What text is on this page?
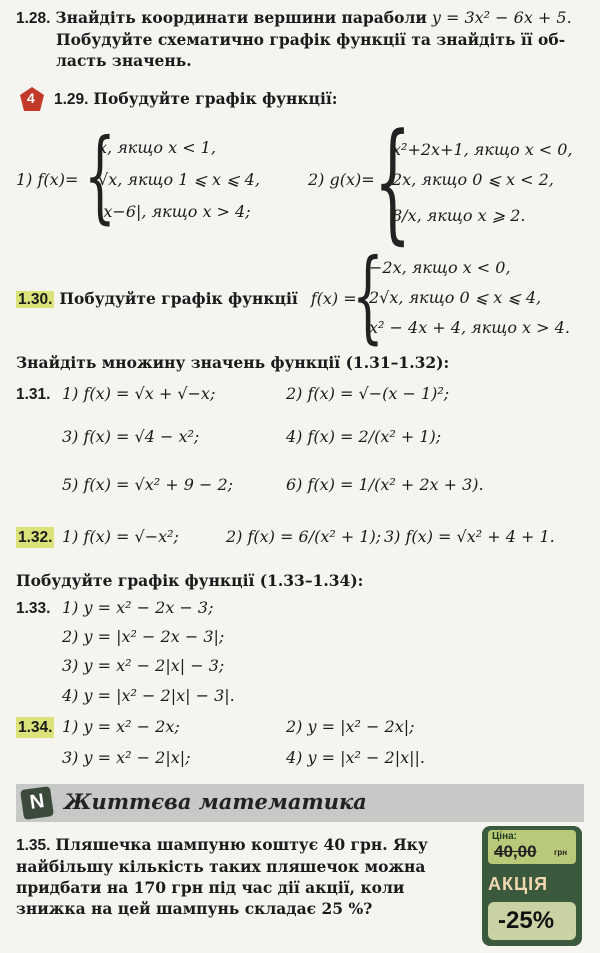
1.28. Знайдіть координати вершини параболи y = 3x² − 6x + 5.
Побудуйте схематично графік функції та знайдіть її об-
ласть значень.
4 1.29. Побудуйте графік функції:
1) f(x)= {
x, якщо x < 1,
√x, якщо 1 ⩽ x ⩽ 4,
|x−6|, якщо x > 4;
2) g(x)= {
x²+2x+1, якщо x < 0,
2x, якщо 0 ⩽ x < 2,
8/x, якщо x ⩾ 2.
1.30. Побудуйте графік функції f(x) =
{
−2x, якщо x < 0,
2√x, якщо 0 ⩽ x ⩽ 4,
x² − 4x + 4, якщо x > 4.
Знайдіть множину значень функції (1.31–1.32):
1.31. 1) f(x) = √x + √−x;	2) f(x) = √−(x − 1)²;
3) f(x) = √4 − x²;	4) f(x) = 2/(x² + 1);
5) f(x) = √x² + 9 − 2;	6) f(x) = 1/(x² + 2x + 3).
1.32. 1) f(x) = √−x²;	2) f(x) = 6/(x² + 1); 3) f(x) = √x² + 4 + 1.
Побудуйте графік функції (1.33–1.34):
1.33. 1) y = x² − 2x − 3;
2) y = |x² − 2x − 3|;
3) y = x² − 2|x| − 3;
4) y = |x² − 2|x| − 3|.
1.34. 1) y = x² − 2x;	2) y = |x² − 2x|;
3) y = x² − 2|x|;	4) y = |x² − 2|x||.
N Життєва математика
1.35. Пляшечка шампуню коштує 40 грн. Яку
найбільшу кількість таких пляшечок можна
придбати на 170 грн під час дії акції, коли
знижка на цей шампунь складає 25 %?
Ціна:
40,00 грн
АКЦІЯ
-25%
